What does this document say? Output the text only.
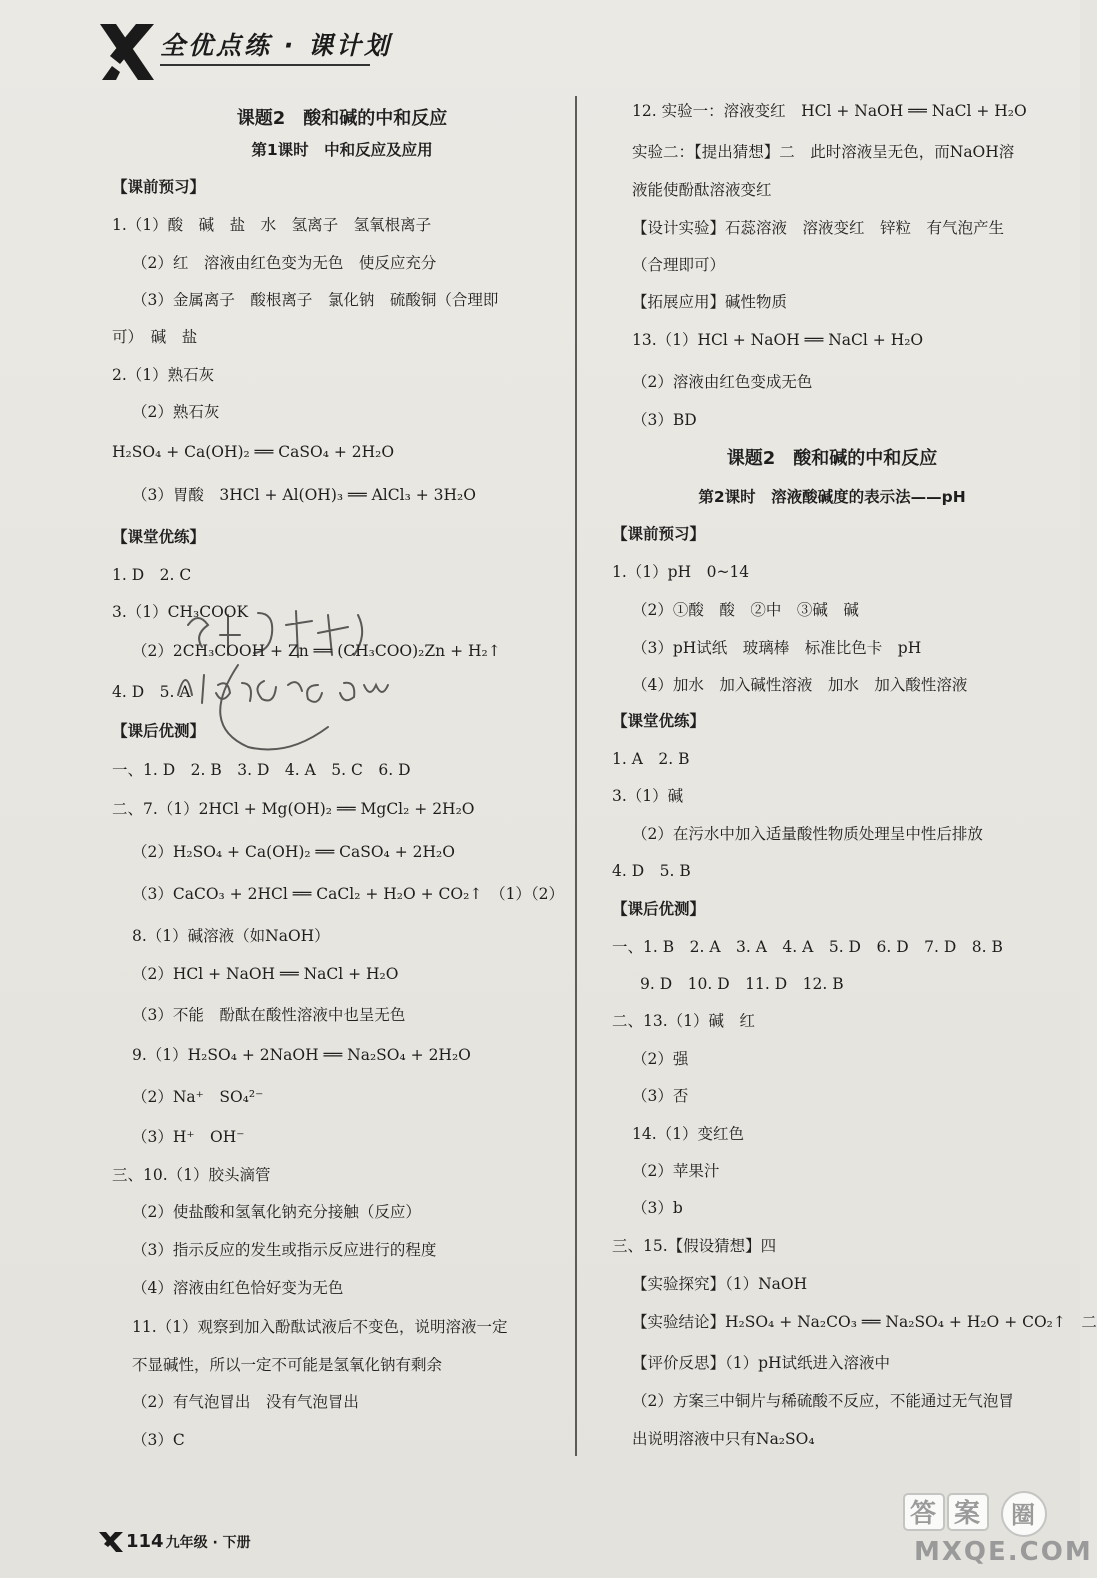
全优点练 · 课计划
课题2　酸和碱的中和反应
第1课时　中和反应及应用
【课前预习】
1.（1）酸　碱　盐　水　氢离子　氢氧根离子
（2）红　溶液由红色变为无色　使反应充分
（3）金属离子　酸根离子　氯化钠　硫酸铜（合理即
可）　碱　盐
2.（1）熟石灰
（2）熟石灰
H₂SO₄ + Ca(OH)₂ ══ CaSO₄ + 2H₂O
（3）胃酸　3HCl + Al(OH)₃ ══ AlCl₃ + 3H₂O
【课堂优练】
1. D　2. C
3.（1）CH₃COOK
（2）2CH₃COOH + Zn ══ (CH₃COO)₂Zn + H₂↑
4. D　5. A
【课后优测】
一、1. D　2. B　3. D　4. A　5. C　6. D
二、7.（1）2HCl + Mg(OH)₂ ══ MgCl₂ + 2H₂O
（2）H₂SO₄ + Ca(OH)₂ ══ CaSO₄ + 2H₂O
（3）CaCO₃ + 2HCl ══ CaCl₂ + H₂O + CO₂↑　（1）（2）
8.（1）碱溶液（如NaOH）
（2）HCl + NaOH ══ NaCl + H₂O
（3）不能　酚酞在酸性溶液中也呈无色
9.（1）H₂SO₄ + 2NaOH ══ Na₂SO₄ + 2H₂O
（2）Na⁺　SO₄²⁻
（3）H⁺　OH⁻
三、10.（1）胶头滴管
（2）使盐酸和氢氧化钠充分接触（反应）
（3）指示反应的发生或指示反应进行的程度
（4）溶液由红色恰好变为无色
11.（1）观察到加入酚酞试液后不变色，说明溶液一定
不显碱性，所以一定不可能是氢氧化钠有剩余
（2）有气泡冒出　没有气泡冒出
（3）C
12. 实验一：溶液变红　HCl + NaOH ══ NaCl + H₂O
实验二：【提出猜想】二　此时溶液呈无色，而NaOH溶
液能使酚酞溶液变红
【设计实验】石蕊溶液　溶液变红　锌粒　有气泡产生
（合理即可）
【拓展应用】碱性物质
13.（1）HCl + NaOH ══ NaCl + H₂O
（2）溶液由红色变成无色
（3）BD
课题2　酸和碱的中和反应
第2课时　溶液酸碱度的表示法——pH
【课前预习】
1.（1）pH　0~14
（2）①酸　酸　②中　③碱　碱
（3）pH试纸　玻璃棒　标准比色卡　pH
（4）加水　加入碱性溶液　加水　加入酸性溶液
【课堂优练】
1. A　2. B
3.（1）碱
（2）在污水中加入适量酸性物质处理呈中性后排放
4. D　5. B
【课后优测】
一、1. B　2. A　3. A　4. A　5. D　6. D　7. D　8. B
9. D　10. D　11. D　12. B
二、13.（1）碱　红
（2）强
（3）否
14.（1）变红色
（2）苹果汁
（3）b
三、15.【假设猜想】四
【实验探究】（1）NaOH
【实验结论】H₂SO₄ + Na₂CO₃ ══ Na₂SO₄ + H₂O + CO₂↑　二
【评价反思】（1）pH试纸进入溶液中
（2）方案三中铜片与稀硫酸不反应，不能通过无气泡冒
出说明溶液中只有Na₂SO₄
答 案 圈
MXQE.COM
114 九年级 · 下册
